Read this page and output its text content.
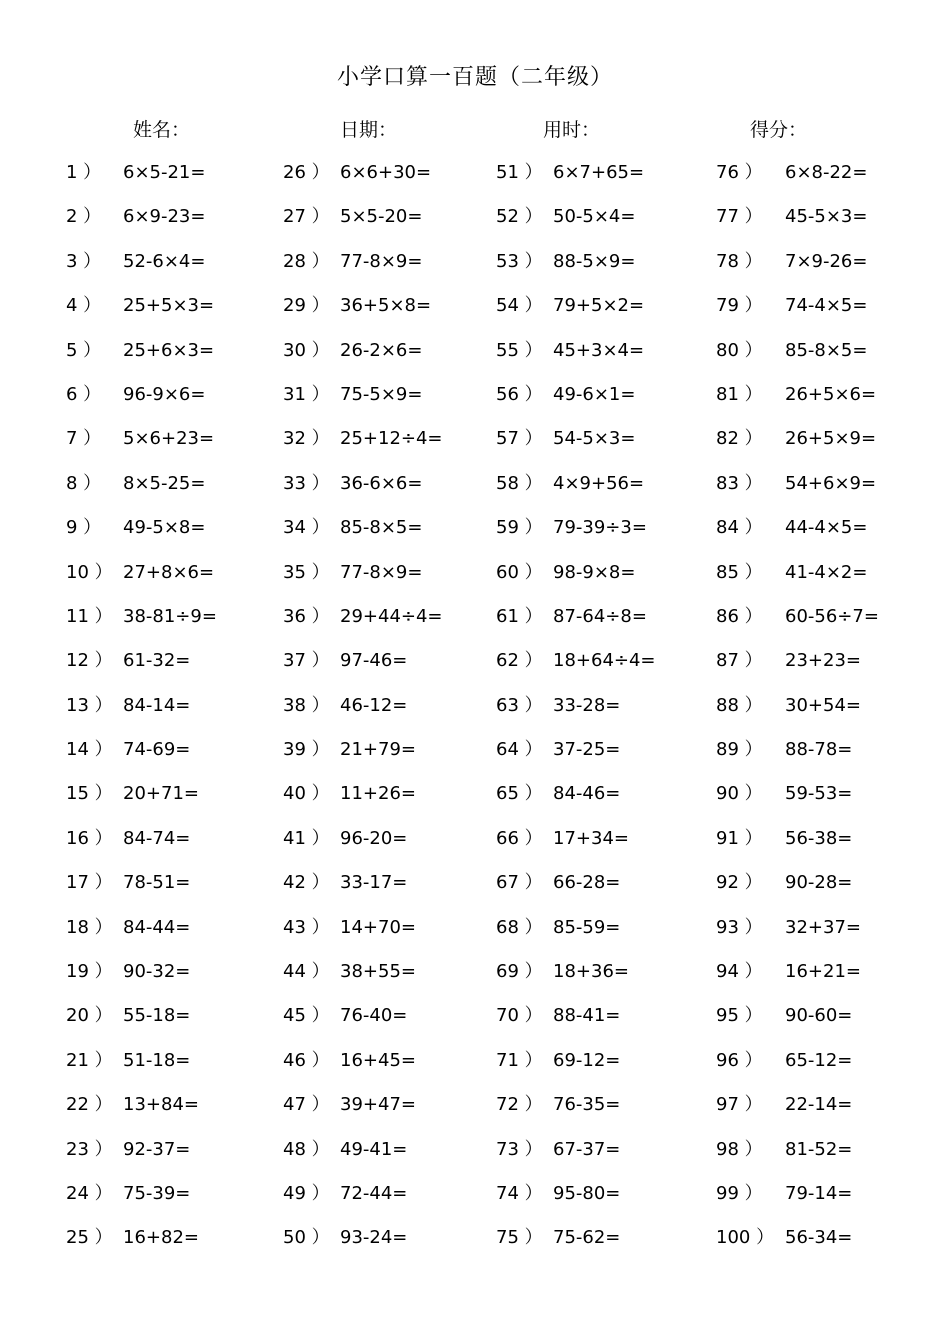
小学口算一百题（二年级）
姓名：	日期：	用时：	得分：
1 ） 6×5-21=
2 ） 6×9-23=
3 ） 52-6×4=
4 ） 25+5×3=
5 ） 25+6×3=
6 ） 96-9×6=
7 ） 5×6+23=
8 ） 8×5-25=
9 ） 49-5×8=
10 ） 27+8×6=
11 ） 38-81÷9=
12 ） 61-32=
13 ） 84-14=
14 ） 74-69=
15 ） 20+71=
16 ） 84-74=
17 ） 78-51=
18 ） 84-44=
19 ） 90-32=
20 ） 55-18=
21 ） 51-18=
22 ） 13+84=
23 ） 92-37=
24 ） 75-39=
25 ） 16+82=
26 ） 6×6+30=
27 ） 5×5-20=
28 ） 77-8×9=
29 ） 36+5×8=
30 ） 26-2×6=
31 ） 75-5×9=
32 ） 25+12÷4=
33 ） 36-6×6=
34 ） 85-8×5=
35 ） 77-8×9=
36 ） 29+44÷4=
37 ） 97-46=
38 ） 46-12=
39 ） 21+79=
40 ） 11+26=
41 ） 96-20=
42 ） 33-17=
43 ） 14+70=
44 ） 38+55=
45 ） 76-40=
46 ） 16+45=
47 ） 39+47=
48 ） 49-41=
49 ） 72-44=
50 ） 93-24=
51 ） 6×7+65=
52 ） 50-5×4=
53 ） 88-5×9=
54 ） 79+5×2=
55 ） 45+3×4=
56 ） 49-6×1=
57 ） 54-5×3=
58 ） 4×9+56=
59 ） 79-39÷3=
60 ） 98-9×8=
61 ） 87-64÷8=
62 ） 18+64÷4=
63 ） 33-28=
64 ） 37-25=
65 ） 84-46=
66 ） 17+34=
67 ） 66-28=
68 ） 85-59=
69 ） 18+36=
70 ） 88-41=
71 ） 69-12=
72 ） 76-35=
73 ） 67-37=
74 ） 95-80=
75 ） 75-62=
76 ） 6×8-22=
77 ） 45-5×3=
78 ） 7×9-26=
79 ） 74-4×5=
80 ） 85-8×5=
81 ） 26+5×6=
82 ） 26+5×9=
83 ） 54+6×9=
84 ） 44-4×5=
85 ） 41-4×2=
86 ） 60-56÷7=
87 ） 23+23=
88 ） 30+54=
89 ） 88-78=
90 ） 59-53=
91 ） 56-38=
92 ） 90-28=
93 ） 32+37=
94 ） 16+21=
95 ） 90-60=
96 ） 65-12=
97 ） 22-14=
98 ） 81-52=
99 ） 79-14=
100 ） 56-34=
